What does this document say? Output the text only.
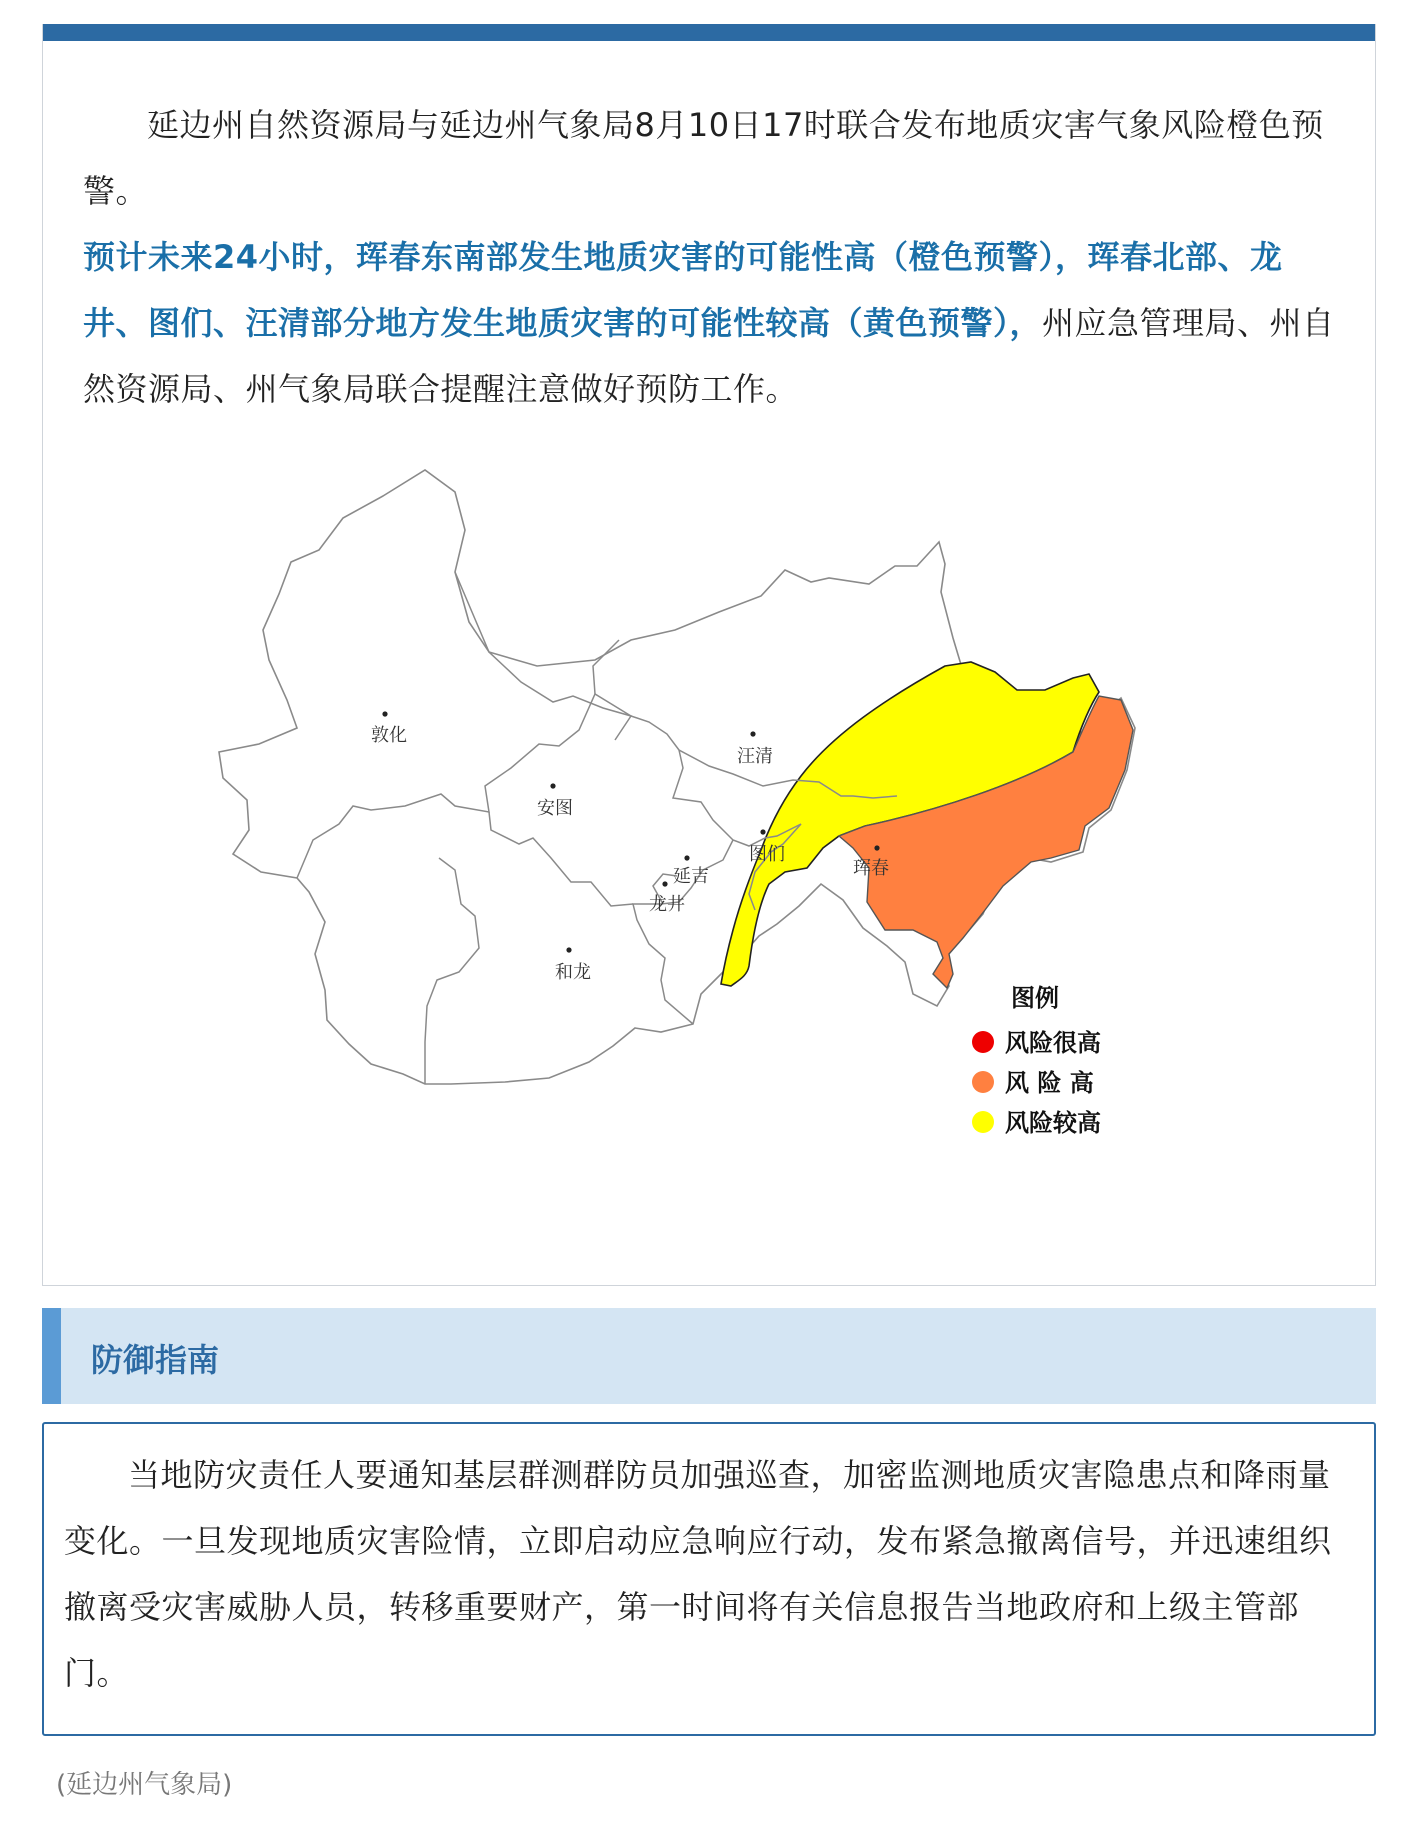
延边州自然资源局与延边州气象局8月10日17时联合发布地质灾害气象风险橙色预警。
预计未来24小时，珲春东南部发生地质灾害的可能性高（橙色预警），珲春北部、龙井、图们、汪清部分地方发生地质灾害的可能性较高（黄色预警），州应急管理局、州自然资源局、州气象局联合提醒注意做好预防工作。

敦化
安图
汪清
延吉
图们
龙井
珲春
和龙
图例
风险很高
风 险 高
风险较高
防御指南

当地防灾责任人要通知基层群测群防员加强巡查，加密监测地质灾害隐患点和降雨量变化。一旦发现地质灾害险情，立即启动应急响应行动，发布紧急撤离信号，并迅速组织撤离受灾害威胁人员，转移重要财产，第一时间将有关信息报告当地政府和上级主管部门。

(延边州气象局)
